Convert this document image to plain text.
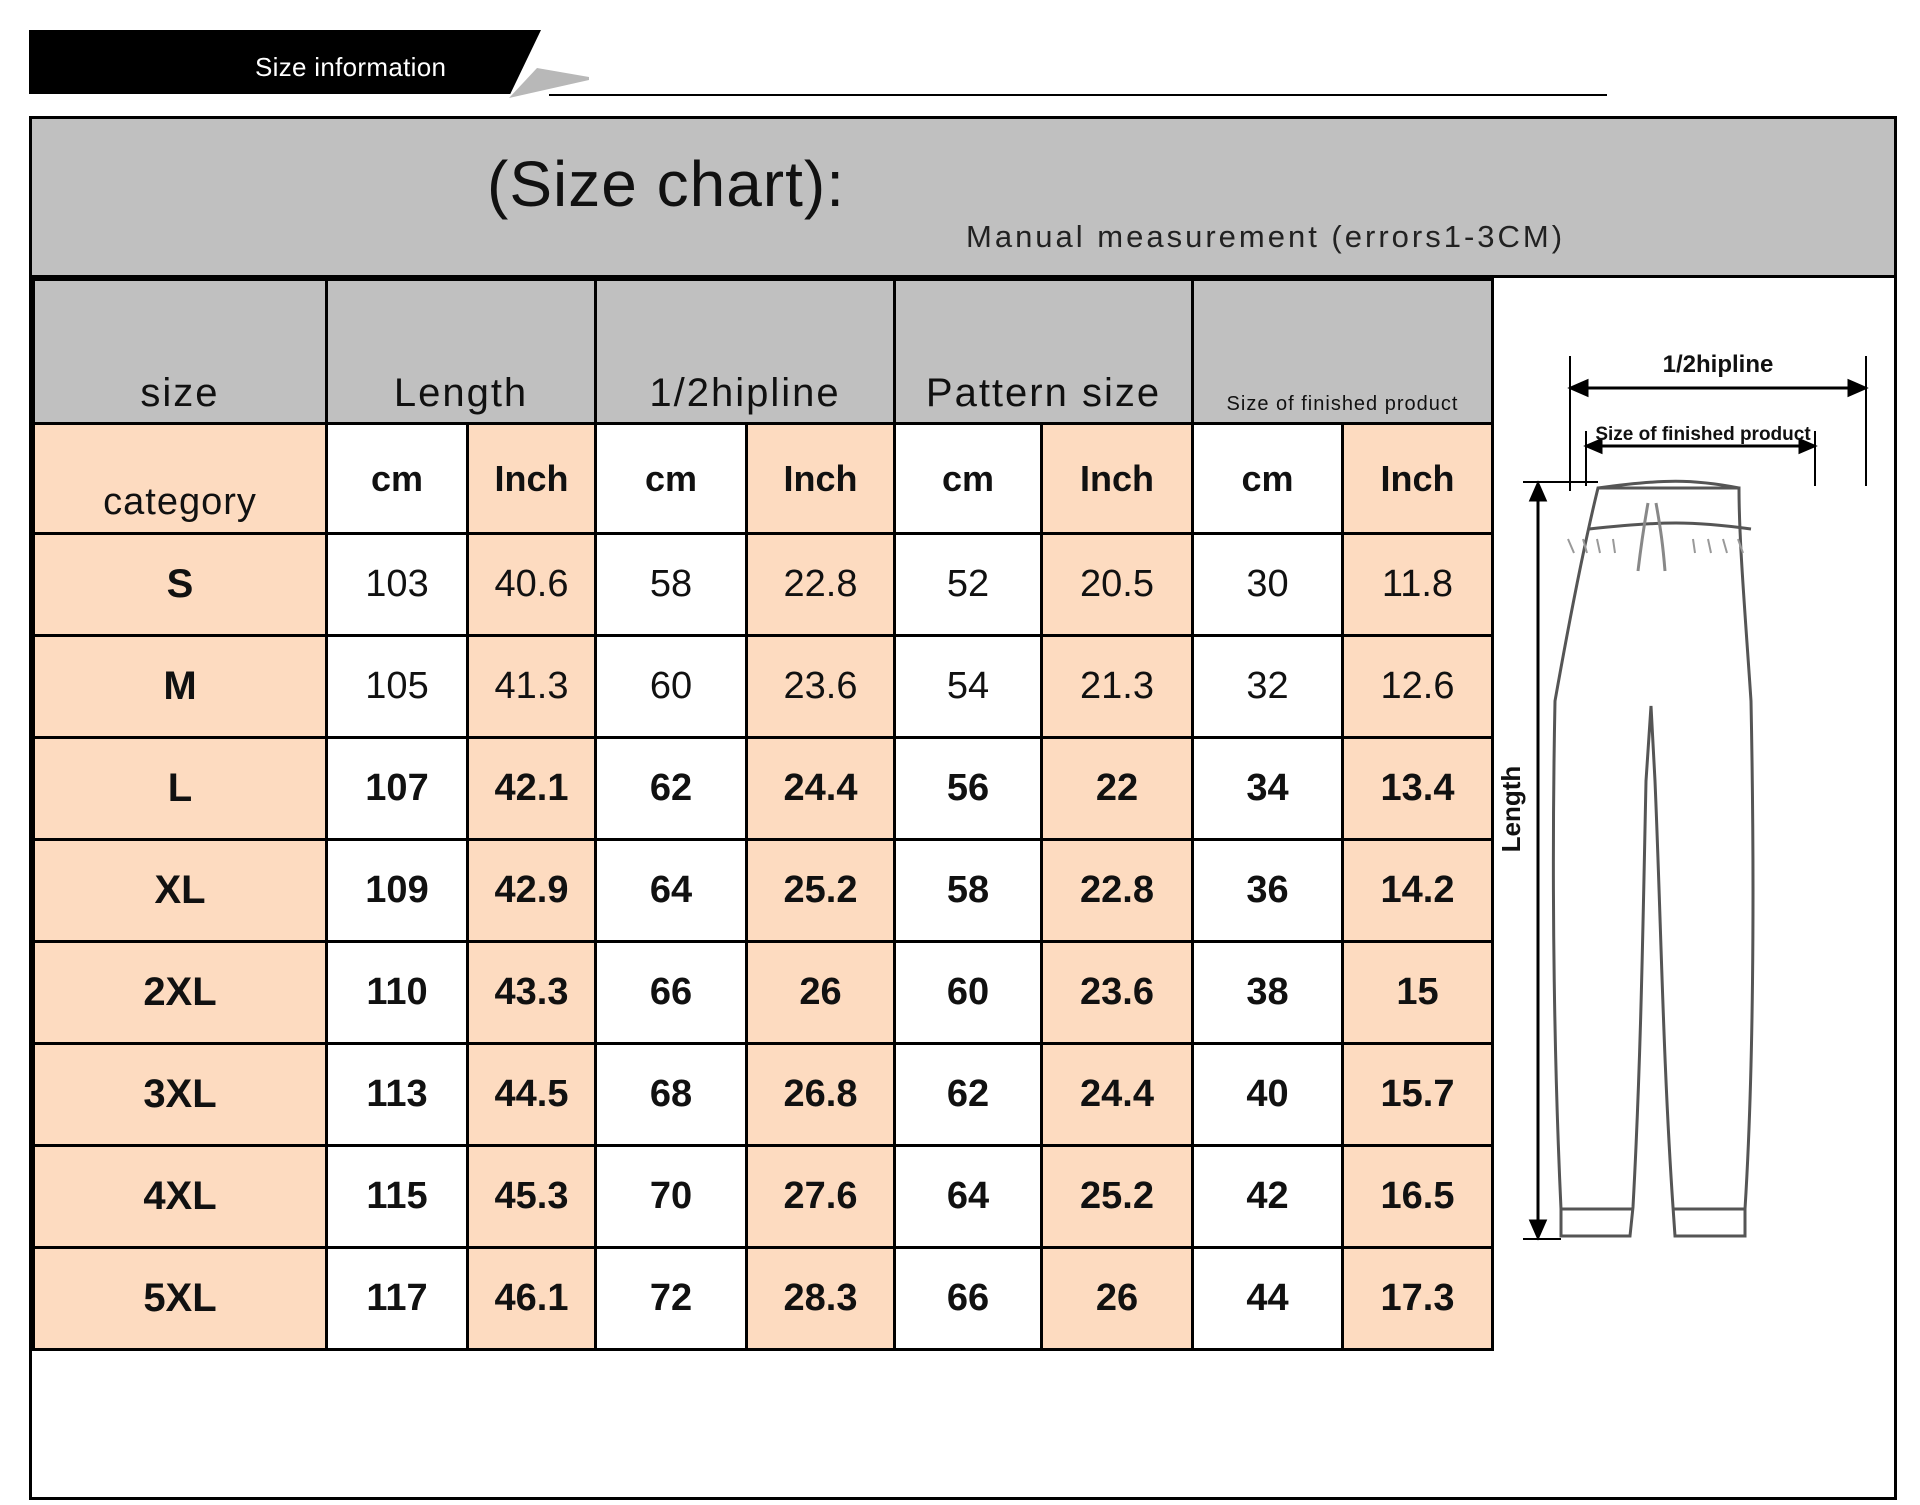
Size information
(Size chart):
Manual measurement (errors1-3CM)
size	Length		1/2hipline		Pattern size		Size of finished product	
category	cm	Inch	cm	Inch	cm	Inch	cm	Inch
S	103	40.6	58	22.8	52	20.5	30	11.8
M	105	41.3	60	23.6	54	21.3	32	12.6
L	107	42.1	62	24.4	56	22	34	13.4
XL	109	42.9	64	25.2	58	22.8	36	14.2
2XL	110	43.3	66	26	60	23.6	38	15
3XL	113	44.5	68	26.8	62	24.4	40	15.7
4XL	115	45.3	70	27.6	64	25.2	42	16.5
5XL	117	46.1	72	28.3	66	26	44	17.3
1/2hipline
Size of finished product
Length
